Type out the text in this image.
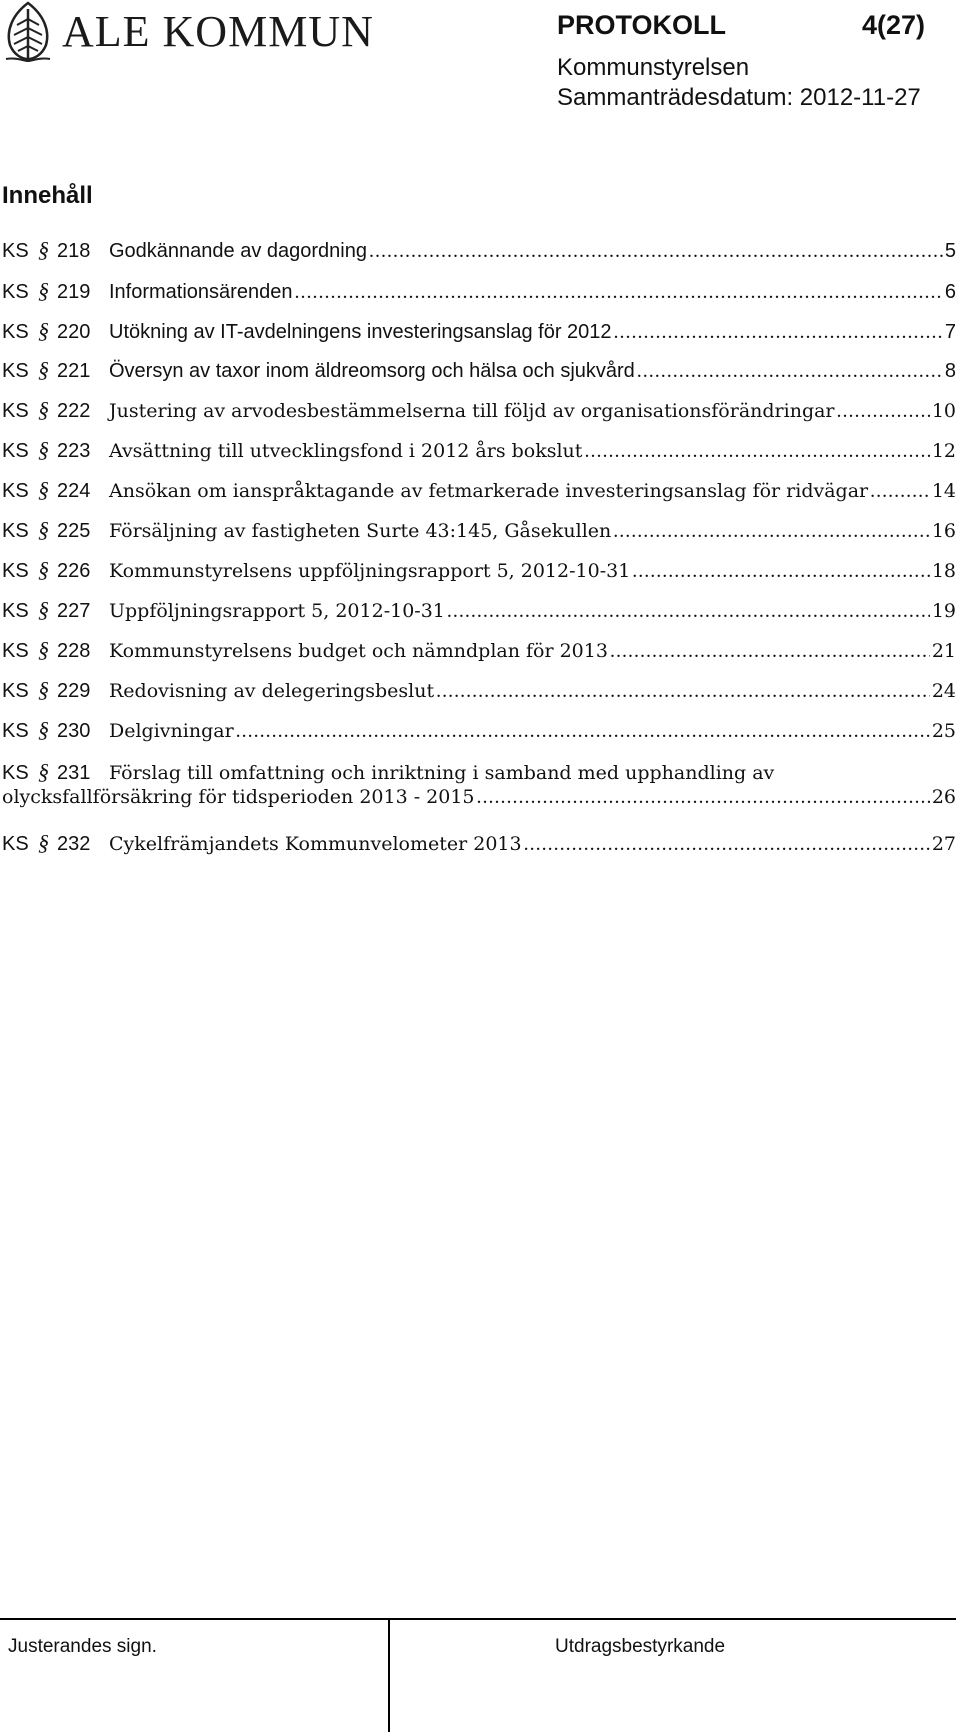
ALE KOMMUN	PROTOKOLL	4(27)
Kommunstyrelsen
Sammanträdesdatum: 2012-11-27
Innehåll
KS § 218 Godkännande av dagordning .....	5
KS § 219 Informationsärenden .....	6
KS § 220 Utökning av IT-avdelningens investeringsanslag för 2012 .....	7
KS § 221 Översyn av taxor inom äldreomsorg och hälsa och sjukvård .....	8
KS § 222 Justering av arvodesbestämmelserna till följd av organisationsförändringar .....	10
KS § 223 Avsättning till utvecklingsfond i 2012 års bokslut .....	12
KS § 224 Ansökan om ianspråktagande av fetmarkerade investeringsanslag för ridvägar .....	14
KS § 225 Försäljning av fastigheten Surte 43:145, Gåsekullen .....	16
KS § 226 Kommunstyrelsens uppföljningsrapport 5, 2012-10-31 .....	18
KS § 227 Uppföljningsrapport 5, 2012-10-31 .....	19
KS § 228 Kommunstyrelsens budget och nämndplan för 2013 .....	21
KS § 229 Redovisning av delegeringsbeslut .....	24
KS § 230 Delgivningar .....	25
KS § 231 Förslag till omfattning och inriktning i samband med upphandling av
olycksfallförsäkring för tidsperioden 2013 - 2015 .....	26
KS § 232 Cykelfrämjandets Kommunvelometer 2013 .....	27
Justerandes sign.	Utdragsbestyrkande
